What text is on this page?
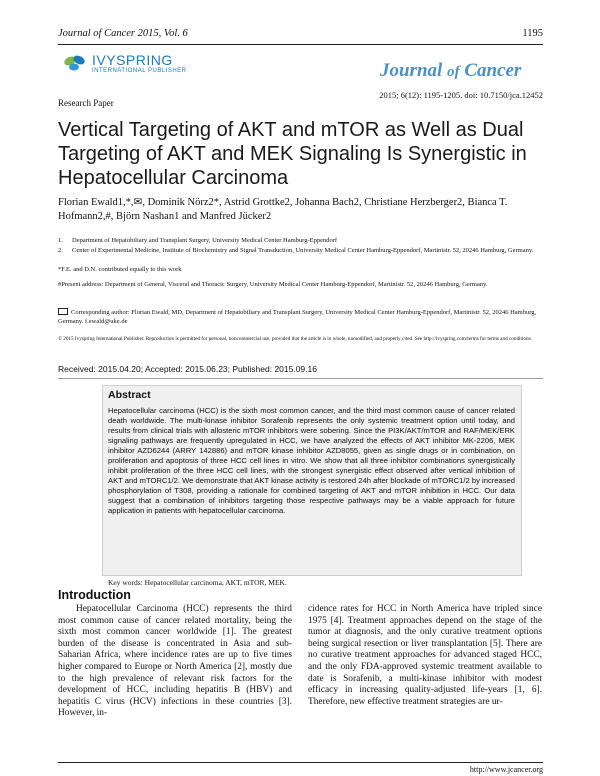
Journal of Cancer 2015, Vol. 6	1195
IVYSPRING
INTERNATIONAL PUBLISHER	Journal of Cancer
2015; 6(12): 1195-1205. doi: 10.7150/jca.12452
Research Paper
Vertical Targeting of AKT and mTOR as Well as Dual Targeting of AKT and MEK Signaling Is Synergistic in Hepatocellular Carcinoma
Florian Ewald1,*,✉, Dominik Nörz2*, Astrid Grottke2, Johanna Bach2, Christiane Herzberger2, Bianca T. Hofmann2,#, Björn Nashan1 and Manfred Jücker2
1.	Department of Hepatobiliary and Transplant Surgery, University Medical Center Hamburg-Eppendorf
2.	Center of Experimental Medicine, Institute of Biochemistry and Signal Transduction, University Medical Center Hamburg-Eppendorf, Martinistr. 52, 20246 Hamburg, Germany.
*F.E. and D.N. contributed equally to this work
#Present address: Department of General, Visceral and Thoracic Surgery, University Medical Center Hamburg-Eppendorf, Martinistr. 52, 20246 Hamburg, Germany.
Corresponding author: Florian Ewald, MD, Department of Hepatobiliary and Transplant Surgery, University Medical Center Hamburg-Eppendorf, Martinistr. 52, 20246 Hamburg, Germany. f.ewald@uke.de
© 2015 Ivyspring International Publisher. Reproduction is permitted for personal, noncommercial use, provided that the article is in whole, unmodified, and properly cited. See http://ivyspring.com/terms for terms and conditions.
Received: 2015.04.20; Accepted: 2015.06.23; Published: 2015.09.16
Abstract
Hepatocellular carcinoma (HCC) is the sixth most common cancer, and the third most common cause of cancer related death worldwide. The multi-kinase inhibitor Sorafenib represents the only systemic treatment option until today, and results from clinical trials with allosteric mTOR inhibitors were sobering. Since the PI3K/AKT/mTOR and RAF/MEK/ERK signaling pathways are frequently upregulated in HCC, we have analyzed the effects of AKT inhibitor MK-2206, MEK inhibitor AZD6244 (ARRY 142886) and mTOR kinase inhibitor AZD8055, given as single drugs or in combination, on proliferation and apoptosis of three HCC cell lines in vitro. We show that all three inhibitor combinations synergistically inhibit proliferation of the three HCC cell lines, with the strongest synergistic effect observed after vertical inhibition of AKT and mTORC1/2. We demonstrate that AKT kinase activity is restored 24h after blockade of mTORC1/2 by increased phosphorylation of T308, providing a rationale for combined targeting of AKT and mTOR inhibition in HCC. Our data suggest that a combination of inhibitors targeting those respective pathways may be a viable approach for future application in patients with hepatocellular carcinoma.
Key words: Hepatocellular carcinoma, AKT, mTOR, MEK.
Introduction
Hepatocellular Carcinoma (HCC) represents the third most common cause of cancer related mortality, being the sixth most common cancer worldwide [1]. The greatest burden of the disease is concentrated in Asia and sub-Saharian Africa, where incidence rates are up to five times higher compared to Europe or North America [2], mostly due to the high prevalence of relevant risk factors for the development of HCC, including hepatitis B (HBV) and hepatitis C virus (HCV) infections in these countries [3]. However, in-
cidence rates for HCC in North America have tripled since 1975 [4]. Treatment approaches depend on the stage of the tumor at diagnosis, and the only curative treatment options being surgical resection or liver transplantation [5]. There are no curative treatment approaches for advanced staged HCC, and the only FDA-approved systemic treatment available to date is Sorafenib, a multi-kinase inhibitor with modest efficacy in increasing quality-adjusted life-years [1, 6]. Therefore, new effective treatment strategies are ur-
http://www.jcancer.org
